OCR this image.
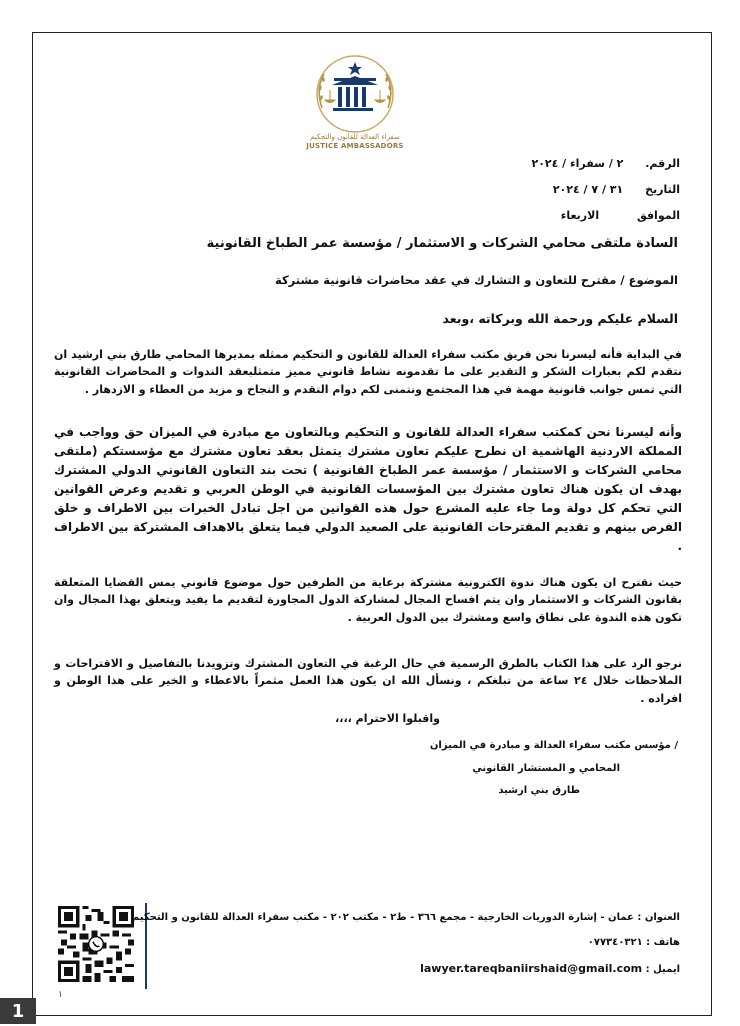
سفراء العدالة للقانون والتحكيم
JUSTICE AMBASSADORS
الرقم. ٢ / سفراء / ٢٠٢٤
التاريخ ٣١ / ٧ / ٢٠٢٤
الموافق الاربعاء
السادة ملتقى محامي الشركات و الاستثمار / مؤسسة عمر الطباخ القانونية
الموضوع / مقترح للتعاون و التشارك في عقد محاضرات قانونية مشتركة
السلام عليكم ورحمة الله وبركاته ،وبعد
في البداية فأنه ليسرنا نحن فريق مكتب سفراء العدالة للقانون و التحكيم ممثله بمديرها المحامي طارق بني ارشيد ان نتقدم لكم بعبارات الشكر و التقدير على ما تقدمونه نشاط قانوني مميز متمثلبعقد الندوات و المحاضرات القانونية التي تمس جوانب قانونية مهمة في هذا المجتمع ونتمنى لكم دوام التقدم و النجاح و مزيد من العطاء و الازدهار .
وأنه ليسرنا نحن كمكتب سفراء العدالة للقانون و التحكيم وبالتعاون مع مبادرة في الميزان حق وواجب في المملكة الاردنية الهاشمية ان نطرح عليكم تعاون مشترك يتمثل بعقد تعاون مشترك مع مؤسستكم (ملتقى محامي الشركات و الاستثمار / مؤسسة عمر الطباخ القانونية ) تحت بند التعاون القانوني الدولي المشترك بهدف ان يكون هناك تعاون مشترك بين المؤسسات القانونية في الوطن العربي و تقديم وعرض القوانين التي تحكم كل دولة وما جاء عليه المشرع حول هذه القوانين من اجل تبادل الخبرات بين الاطراف و خلق الفرص بينهم و تقديم المقترحات القانونية على الصعيد الدولي فيما يتعلق بالاهداف المشتركة بين الاطراف .
حيث نقترح ان يكون هناك ندوة الكترونية مشتركة برعاية من الطرفين حول موضوع قانوني يمس القضايا المتعلقة بقانون الشركات و الاستثمار وان يتم افساح المجال لمشاركة الدول المجاورة لتقديم ما يفيد ويتعلق بهذا المجال وان تكون هذه الندوة على نطاق واسع ومشترك بين الدول العربية .
نرجو الرد على هذا الكتاب بالطرق الرسمية في حال الرغبة في التعاون المشترك وتزويدنا بالتفاصيل و الاقتراحات و الملاحظات خلال ٢٤ ساعة من تبلغكم ، ونسأل الله ان يكون هذا العمل مثمراً بالاعطاء و الخير على هذا الوطن و افراده .
واقبلوا الاحترام ،،،،
/ مؤسس مكتب سفراء العدالة و مبادرة في الميزان
المحامي و المستشار القانوني
طارق بني ارشيد
العنوان : عمان - إشارة الدوريات الخارجية - مجمع ٣٦٦ - ط٢ - مكتب ٢٠٢ - مكتب سفراء العدالة للقانون و التحكيم
هاتف : ٠٧٧٣٤٠٣٢١
ايميل : lawyer.tareqbaniirshaid@gmail.com
١
1
